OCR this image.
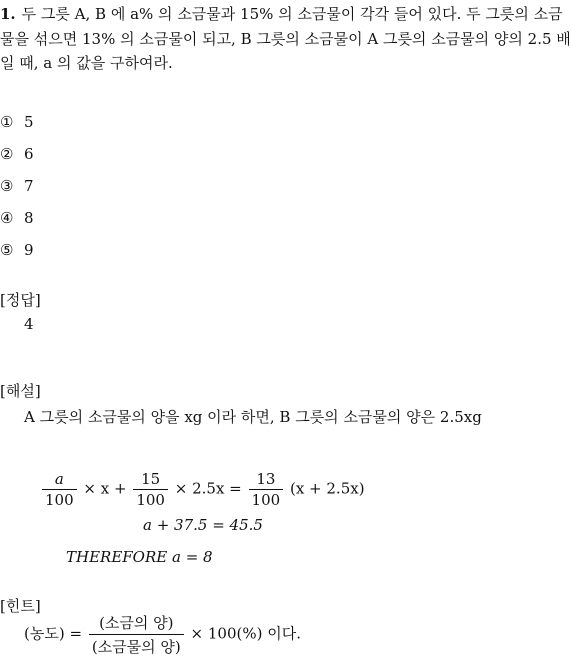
1. 두 그릇 A, B 에 a% 의 소금물과 15% 의 소금물이 각각 들어 있다. 두 그릇의 소금물을 섞으면 13% 의 소금물이 되고, B 그릇의 소금물이 A 그릇의 소금물의 양의 2.5 배일 때, a 의 값을 구하여라.
① 5
② 6
③ 7
④ 8
⑤ 9
[정답]
4
[해설]
A 그릇의 소금물의 양을 xg 이라 하면, B 그릇의 소금물의 양은 2.5xg
$\frac{a}{100} \times x + \frac{15}{100} \times 2.5x = \frac{13}{100} (x + 2.5x)$
a + 37.5 = 45.5
THEREFORE a = 8
[힌트]
(농도) = $\frac{\text{(소금의 양)}}{\text{(소금물의 양)}} \times 100(\%)$ 이다.
